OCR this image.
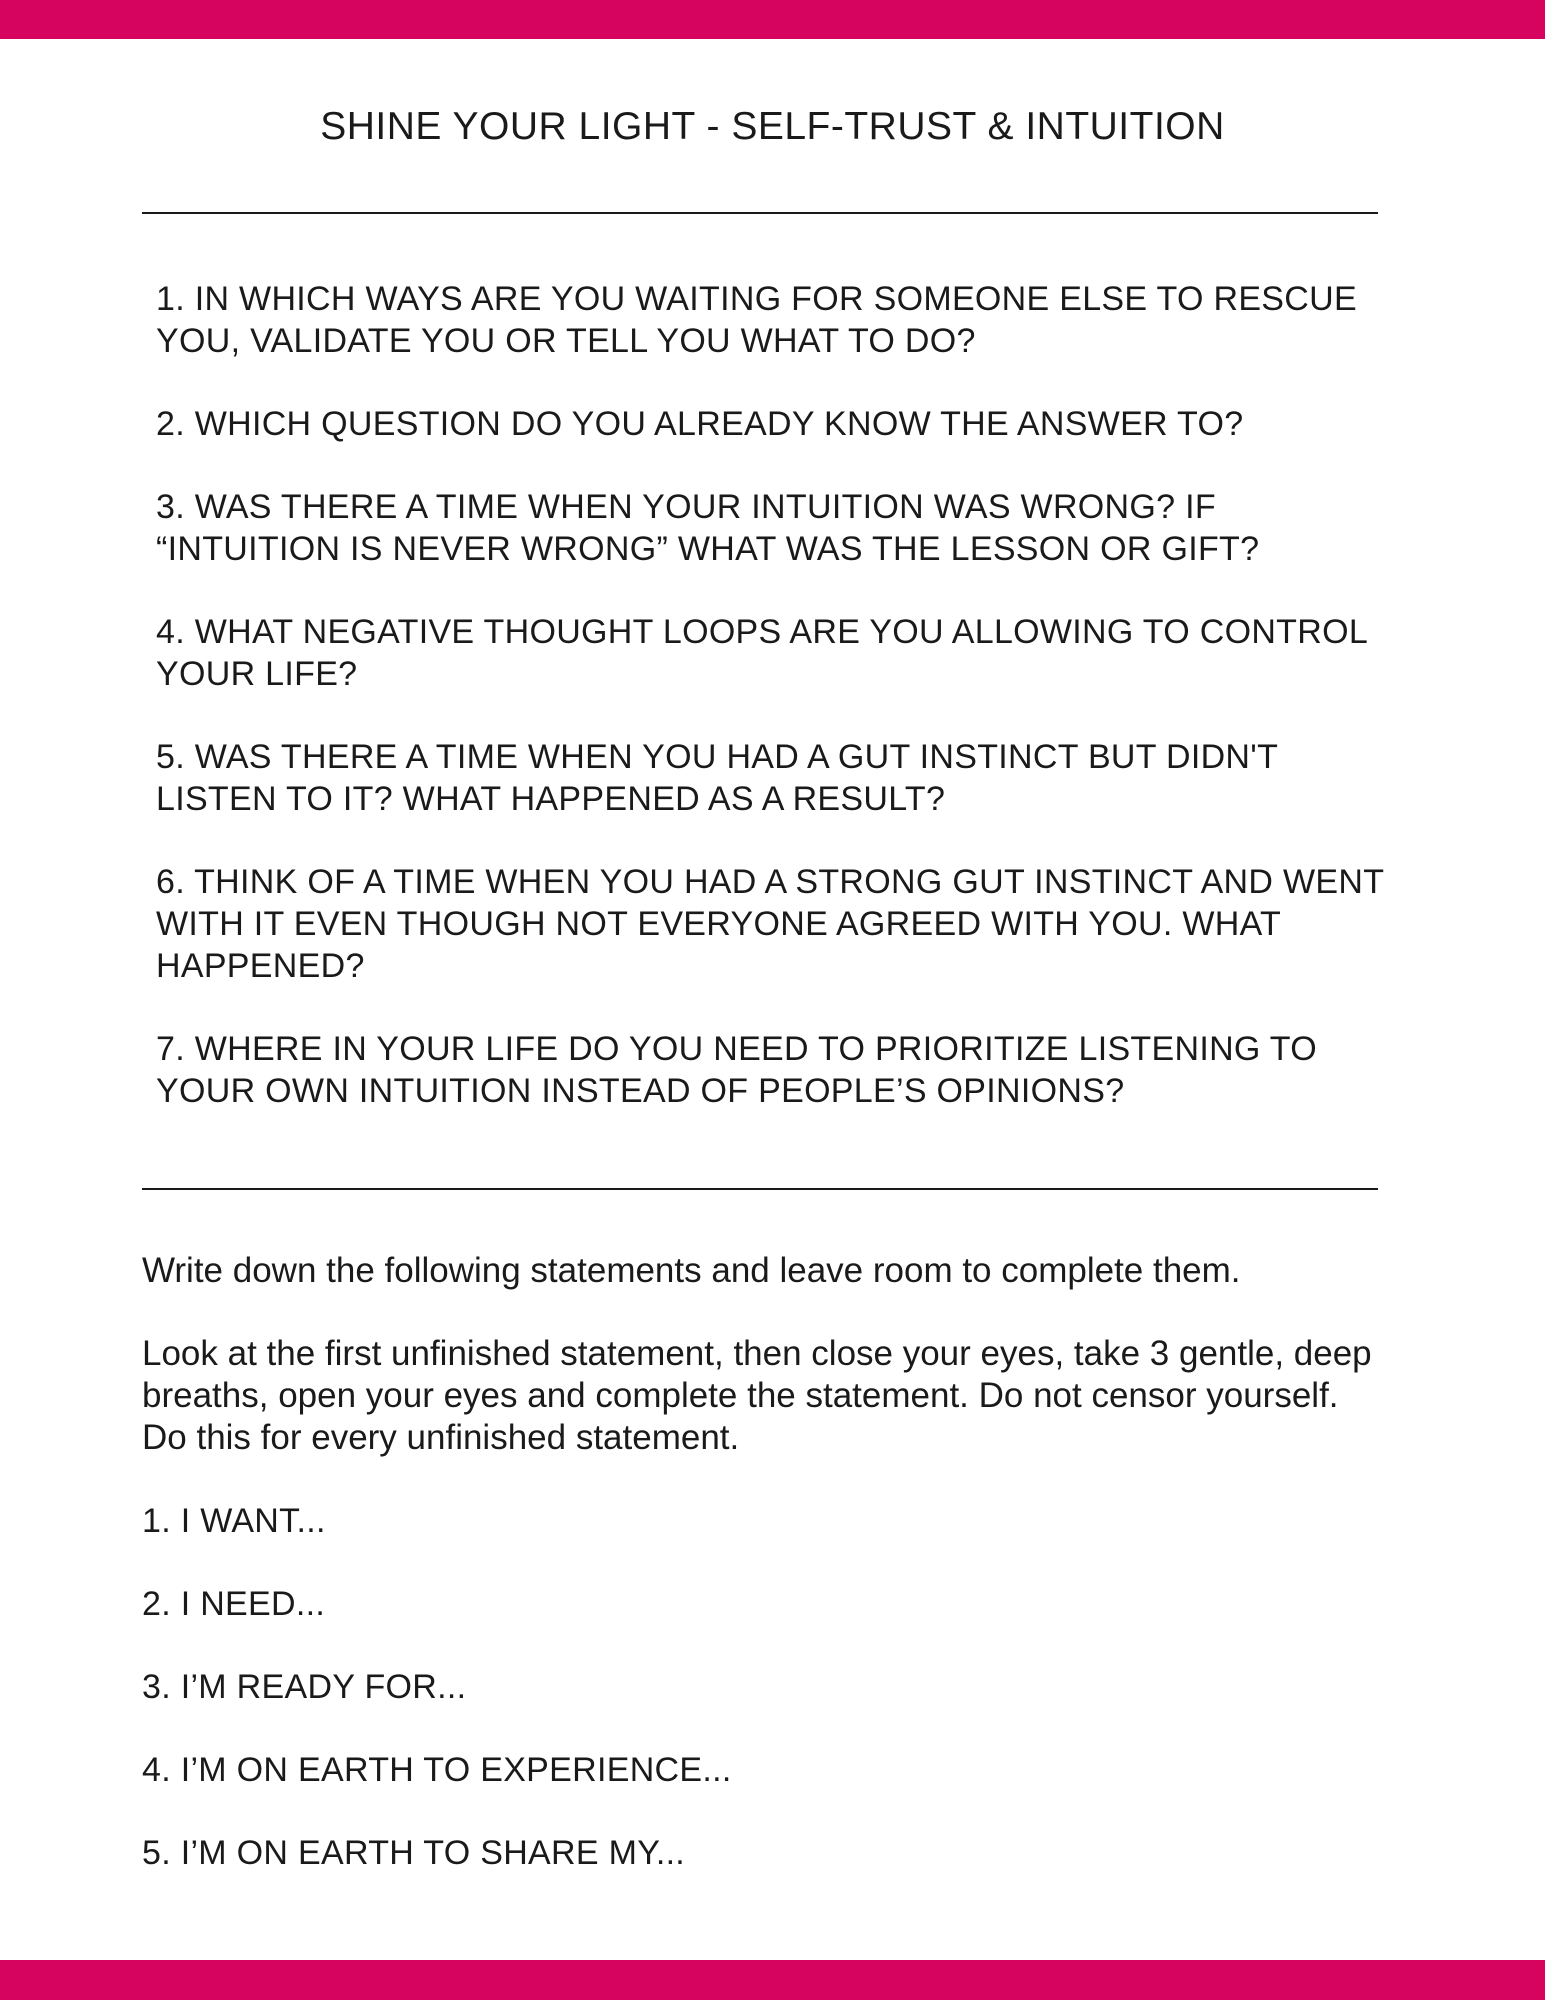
SHINE YOUR LIGHT - SELF-TRUST & INTUITION
1. IN WHICH WAYS ARE YOU WAITING FOR SOMEONE ELSE TO RESCUE YOU, VALIDATE YOU OR TELL YOU WHAT TO DO?
2. WHICH QUESTION DO YOU ALREADY KNOW THE ANSWER TO?
3. WAS THERE A TIME WHEN YOUR INTUITION WAS WRONG? IF “INTUITION IS NEVER WRONG” WHAT WAS THE LESSON OR GIFT?
4. WHAT NEGATIVE THOUGHT LOOPS ARE YOU ALLOWING TO CONTROL YOUR LIFE?
5. WAS THERE A TIME WHEN YOU HAD A GUT INSTINCT BUT DIDN'T LISTEN TO IT? WHAT HAPPENED AS A RESULT?
6. THINK OF A TIME WHEN YOU HAD A STRONG GUT INSTINCT AND WENT WITH IT EVEN THOUGH NOT EVERYONE AGREED WITH YOU. WHAT HAPPENED?
7. WHERE IN YOUR LIFE DO YOU NEED TO PRIORITIZE LISTENING TO YOUR OWN INTUITION INSTEAD OF PEOPLE’S OPINIONS?

Write down the following statements and leave room to complete them.

Look at the first unfinished statement, then close your eyes, take 3 gentle, deep breaths, open your eyes and complete the statement. Do not censor yourself. Do this for every unfinished statement.

1. I WANT...
2. I NEED...
3. I’M READY FOR...
4. I’M ON EARTH TO EXPERIENCE...
5. I’M ON EARTH TO SHARE MY...
